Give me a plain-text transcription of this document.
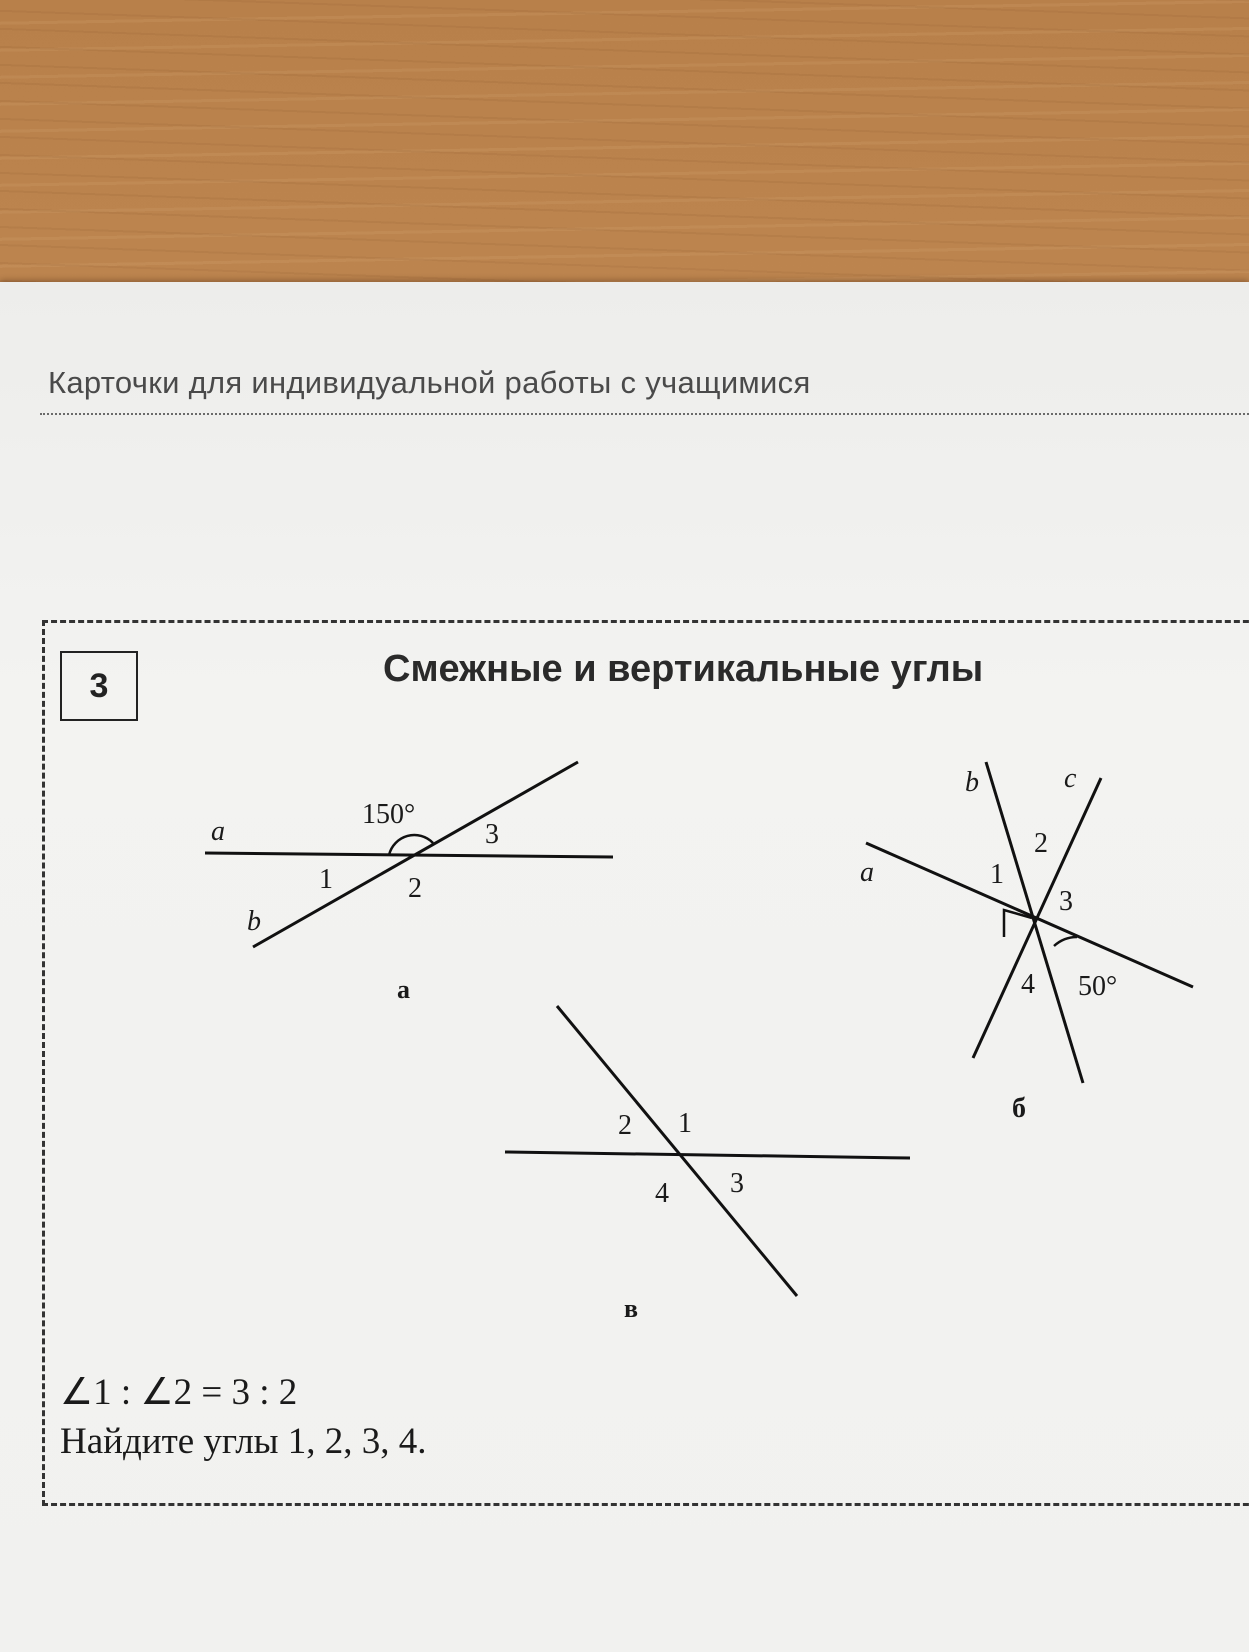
Карточки для индивидуальной работы с учащимися
3	Смежные и вертикальные углы
a
b
150°
1	2
3
а
a
b	c
1
2
3
4 50°
б
2 1
4 3
в
∠1 : ∠2 = 3 : 2
Найдите углы 1, 2, 3, 4.
